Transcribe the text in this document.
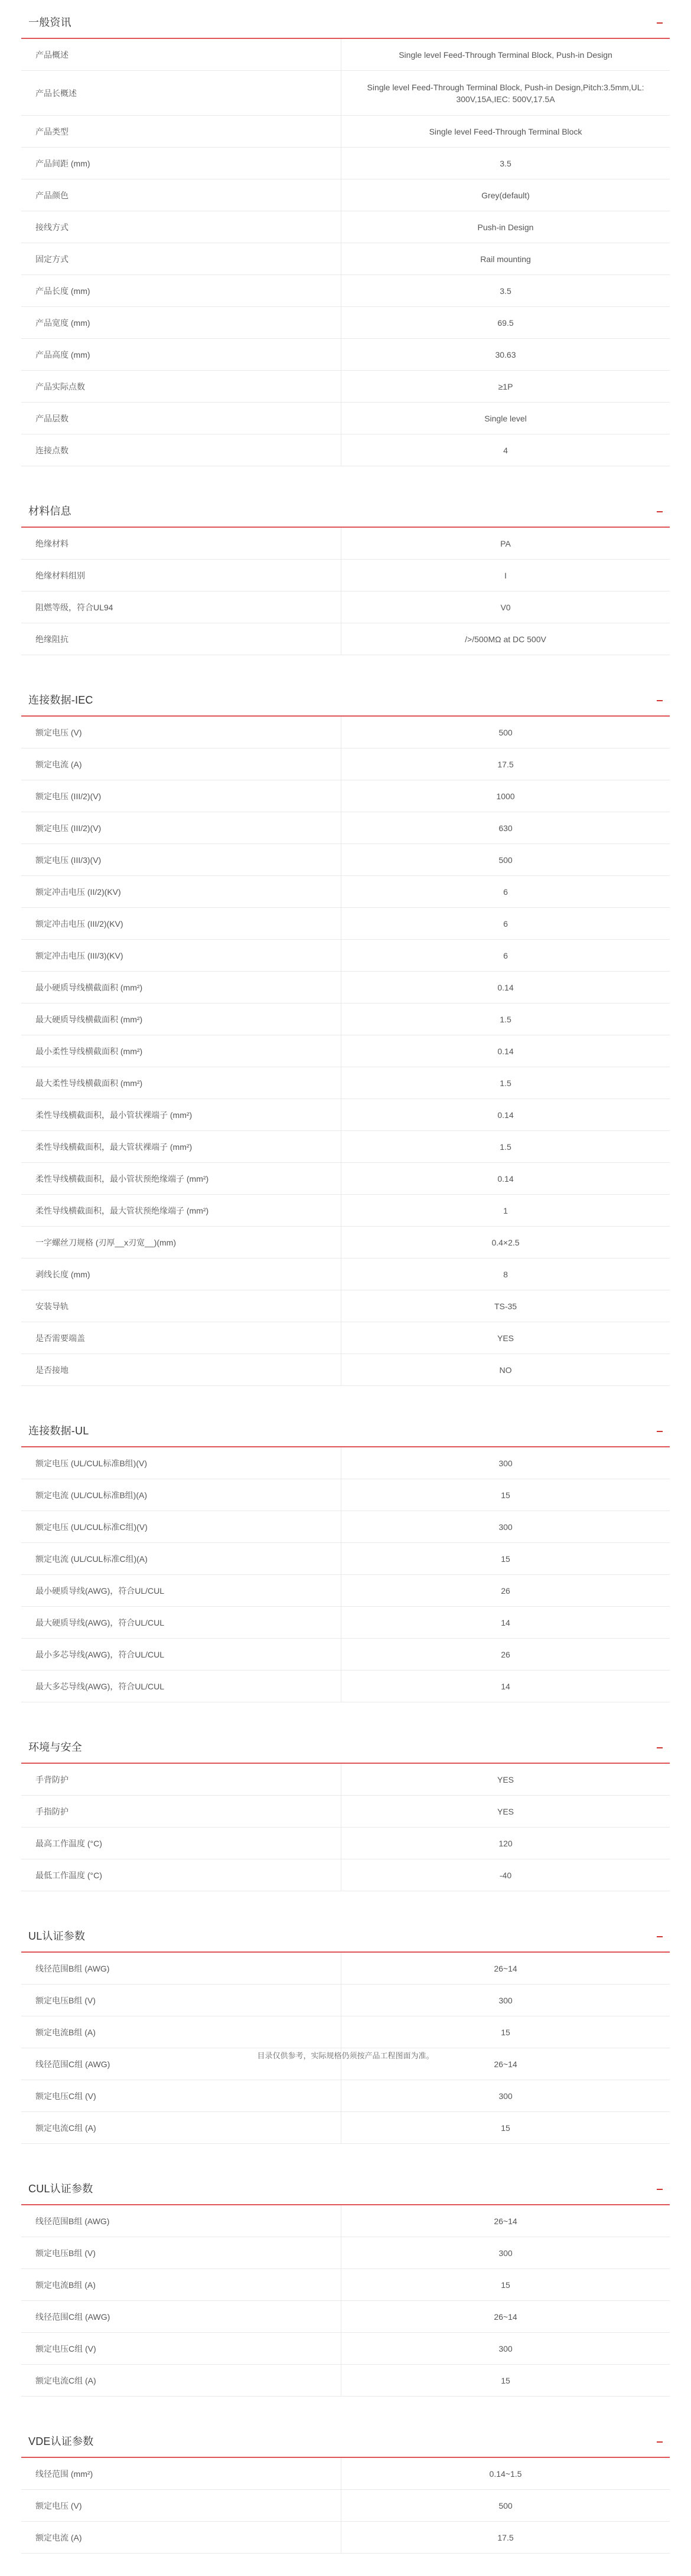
一般资讯
产品概述	Single level Feed-Through Terminal Block, Push-in Design
产品长概述	Single level Feed-Through Terminal Block, Push-in Design,Pitch:3.5mm,UL: 300V,15A,IEC: 500V,17.5A
产品类型	Single level Feed-Through Terminal Block
产品间距 (mm)	3.5
产品颜色	Grey(default)
接线方式	Push-in Design
固定方式	Rail mounting
产品长度 (mm)	3.5
产品宽度 (mm)	69.5
产品高度 (mm)	30.63
产品实际点数	≥1P
产品层数	Single level
连接点数	4
材料信息
绝缘材料	PA
绝缘材料组别	I
阻燃等级，符合UL94	V0
绝缘阻抗	/>/500MΩ at DC 500V
连接数据-IEC
额定电压 (V)	500
额定电流 (A)	17.5
额定电压 (III/2)(V)	1000
额定电压 (III/2)(V)	630
额定电压 (III/3)(V)	500
额定冲击电压 (II/2)(KV)	6
额定冲击电压 (III/2)(KV)	6
额定冲击电压 (III/3)(KV)	6
最小硬质导线横截面积 (mm²)	0.14
最大硬质导线横截面积 (mm²)	1.5
最小柔性导线横截面积 (mm²)	0.14
最大柔性导线横截面积 (mm²)	1.5
柔性导线横截面积，最小管状裸端子 (mm²)	0.14
柔性导线横截面积，最大管状裸端子 (mm²)	1.5
柔性导线横截面积，最小管状预绝缘端子 (mm²)	0.14
柔性导线横截面积，最大管状预绝缘端子 (mm²)	1
一字螺丝刀规格 (刃厚__x刃宽__)(mm)	0.4×2.5
剥线长度 (mm)	8
安装导轨	TS-35
是否需要端盖	YES
是否接地	NO
连接数据-UL
额定电压 (UL/CUL标准B组)(V)	300
额定电流 (UL/CUL标准B组)(A)	15
额定电压 (UL/CUL标准C组)(V)	300
额定电流 (UL/CUL标准C组)(A)	15
最小硬质导线(AWG)，符合UL/CUL	26
最大硬质导线(AWG)，符合UL/CUL	14
最小多芯导线(AWG)，符合UL/CUL	26
最大多芯导线(AWG)，符合UL/CUL	14
环境与安全
手背防护	YES
手指防护	YES
最高工作温度 (°C)	120
最低工作温度 (°C)	-40
UL认证参数
线径范围B组 (AWG)	26~14
额定电压B组 (V)	300
额定电流B组 (A)	15
线径范围C组 (AWG)	26~14
额定电压C组 (V)	300
额定电流C组 (A)	15
CUL认证参数
线径范围B组 (AWG)	26~14
额定电压B组 (V)	300
额定电流B组 (A)	15
线径范围C组 (AWG)	26~14
额定电压C组 (V)	300
额定电流C组 (A)	15
VDE认证参数
线径范围 (mm²)	0.14~1.5
额定电压 (V)	500
额定电流 (A)	17.5
目录仅供参考，实际规格仍须按产品工程图面为准。
